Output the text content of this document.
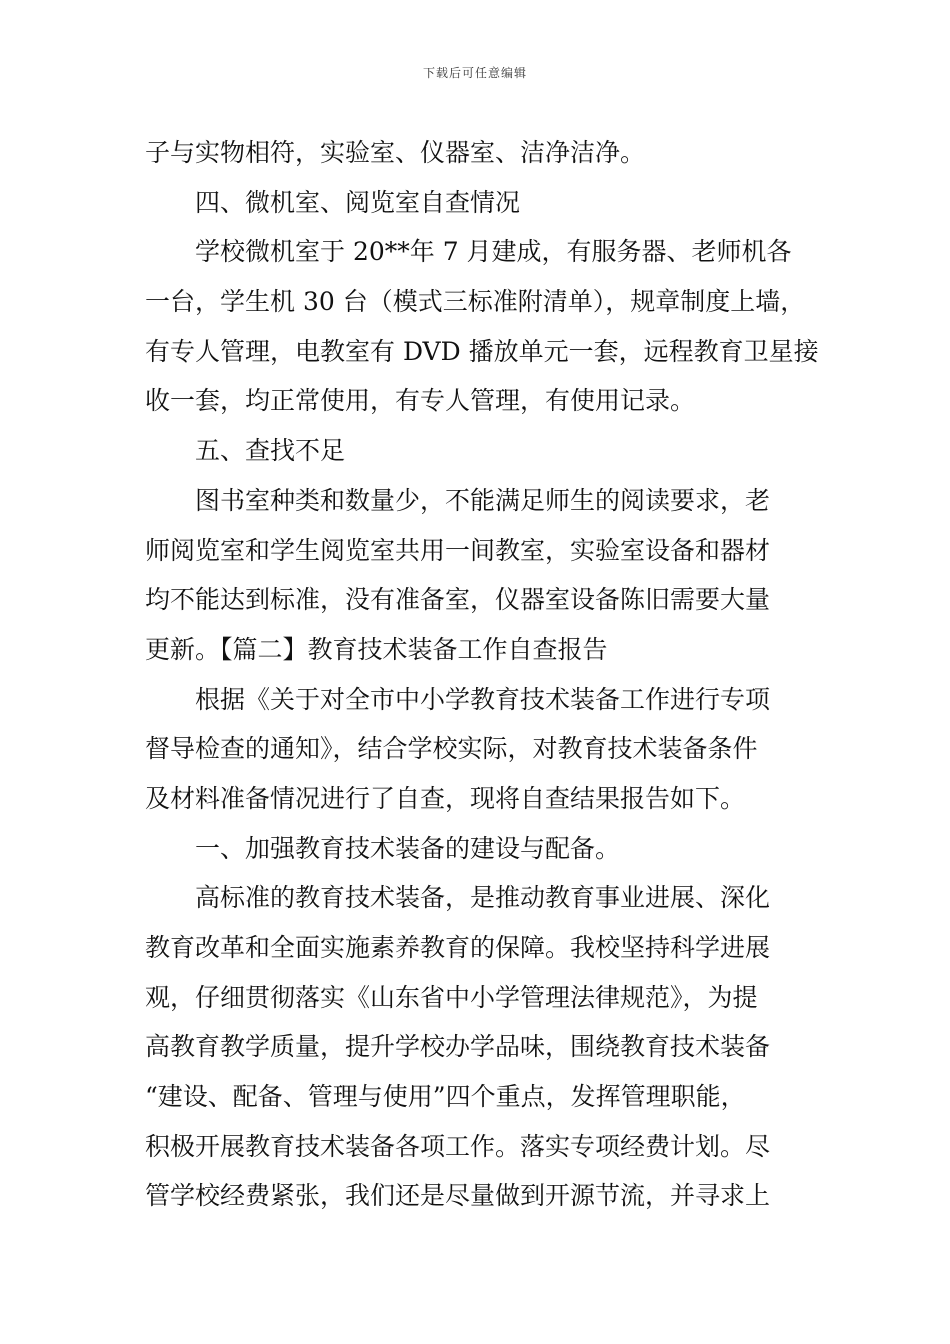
下载后可任意编辑
子与实物相符，实验室、仪器室、洁净洁净。
四、微机室、阅览室自查情况
学校微机室于 20**年 7 月建成，有服务器、老师机各
一台，学生机 30 台（模式三标准附清单），规章制度上墙，
有专人管理，电教室有 DVD 播放单元一套，远程教育卫星接
收一套，均正常使用，有专人管理，有使用记录。
五、查找不足
图书室种类和数量少，不能满足师生的阅读要求，老
师阅览室和学生阅览室共用一间教室，实验室设备和器材
均不能达到标准，没有准备室，仪器室设备陈旧需要大量
更新。【篇二】教育技术装备工作自查报告
根据《关于对全市中小学教育技术装备工作进行专项
督导检查的通知》，结合学校实际，对教育技术装备条件
及材料准备情况进行了自查，现将自查结果报告如下。
一、加强教育技术装备的建设与配备。
高标准的教育技术装备，是推动教育事业进展、深化
教育改革和全面实施素养教育的保障。我校坚持科学进展
观，仔细贯彻落实《山东省中小学管理法律规范》，为提
高教育教学质量，提升学校办学品味，围绕教育技术装备
“建设、配备、管理与使用”四个重点，发挥管理职能，
积极开展教育技术装备各项工作。落实专项经费计划。尽
管学校经费紧张，我们还是尽量做到开源节流，并寻求上
